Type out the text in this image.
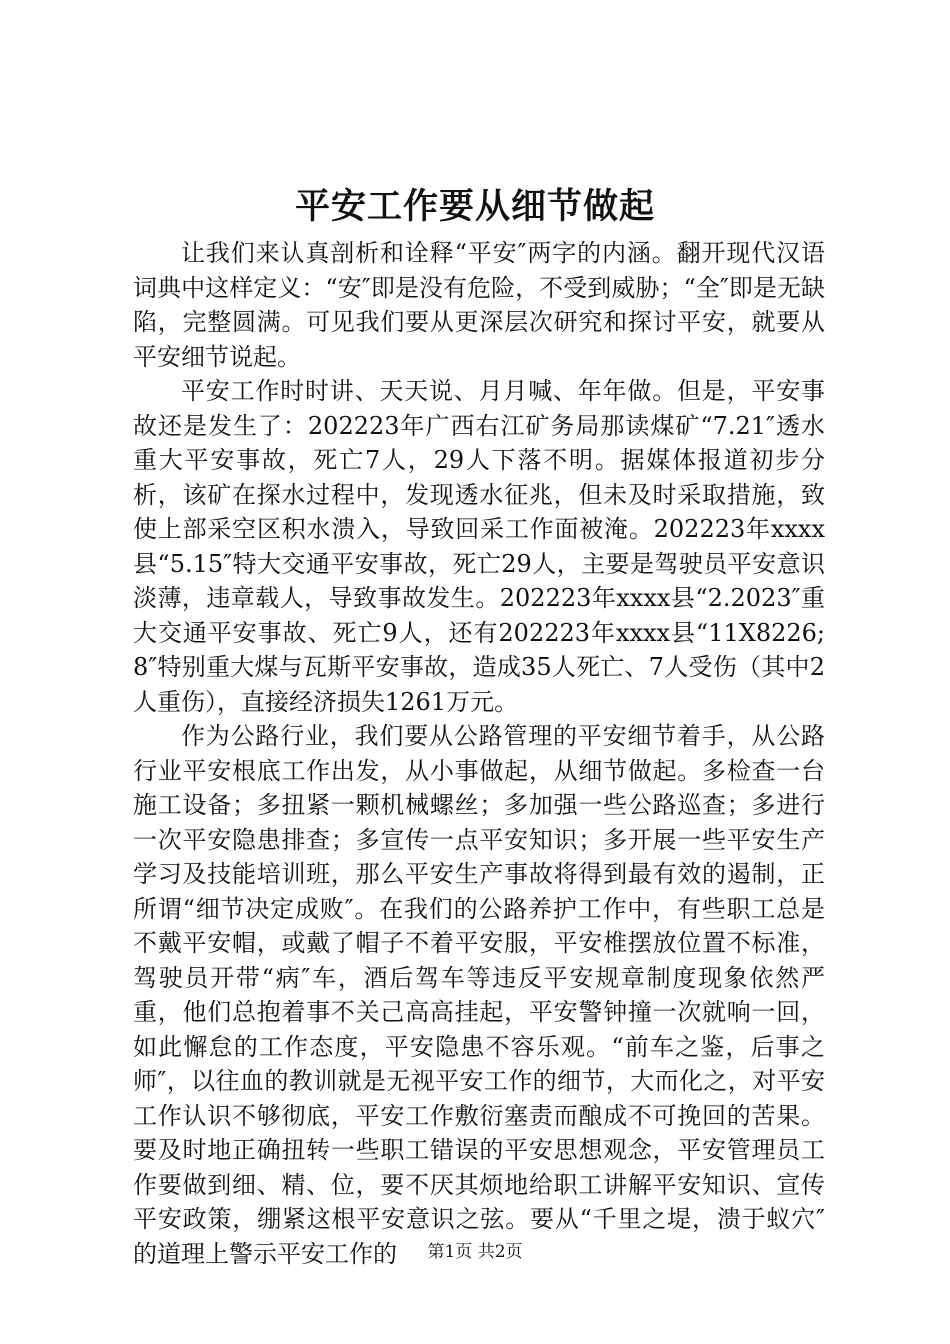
平安工作要从细节做起

让我们来认真剖析和诠释“平安″两字的内涵。翻开现代汉语词典中这样定义：“安″即是没有危险，不受到威胁；“全″即是无缺陷，完整圆满。可见我们要从更深层次研究和探讨平安，就要从平安细节说起。

平安工作时时讲、天天说、月月喊、年年做。但是，平安事故还是发生了：202223年广西右江矿务局那读煤矿“7.21″透水重大平安事故，死亡7人，29人下落不明。据媒体报道初步分析，该矿在探水过程中，发现透水征兆，但未及时采取措施，致使上部采空区积水溃入，导致回采工作面被淹。202223年xxxx县“5.15″特大交通平安事故，死亡29人，主要是驾驶员平安意识淡薄，违章载人，导致事故发生。202223年xxxx县“2.2023″重大交通平安事故、死亡9人，还有202223年xxxx县“11X8226;8″特别重大煤与瓦斯平安事故，造成35人死亡、7人受伤（其中2人重伤），直接经济损失1261万元。

作为公路行业，我们要从公路管理的平安细节着手，从公路行业平安根底工作出发，从小事做起，从细节做起。多检查一台施工设备；多扭紧一颗机械螺丝；多加强一些公路巡查；多进行一次平安隐患排查；多宣传一点平安知识；多开展一些平安生产学习及技能培训班，那么平安生产事故将得到最有效的遏制，正所谓“细节决定成败″。在我们的公路养护工作中，有些职工总是不戴平安帽，或戴了帽子不着平安服，平安椎摆放位置不标准，驾驶员开带“病″车，酒后驾车等违反平安规章制度现象依然严重，他们总抱着事不关己高高挂起，平安警钟撞一次就响一回，如此懈怠的工作态度，平安隐患不容乐观。“前车之鉴，后事之师″，以往血的教训就是无视平安工作的细节，大而化之，对平安工作认识不够彻底，平安工作敷衍塞责而酿成不可挽回的苦果。要及时地正确扭转一些职工错误的平安思想观念，平安管理员工作要做到细、精、位，要不厌其烦地给职工讲解平安知识、宣传平安政策，绷紧这根平安意识之弦。要从“千里之堤，溃于蚁穴″的道理上警示平安工作的	第1页 共2页
